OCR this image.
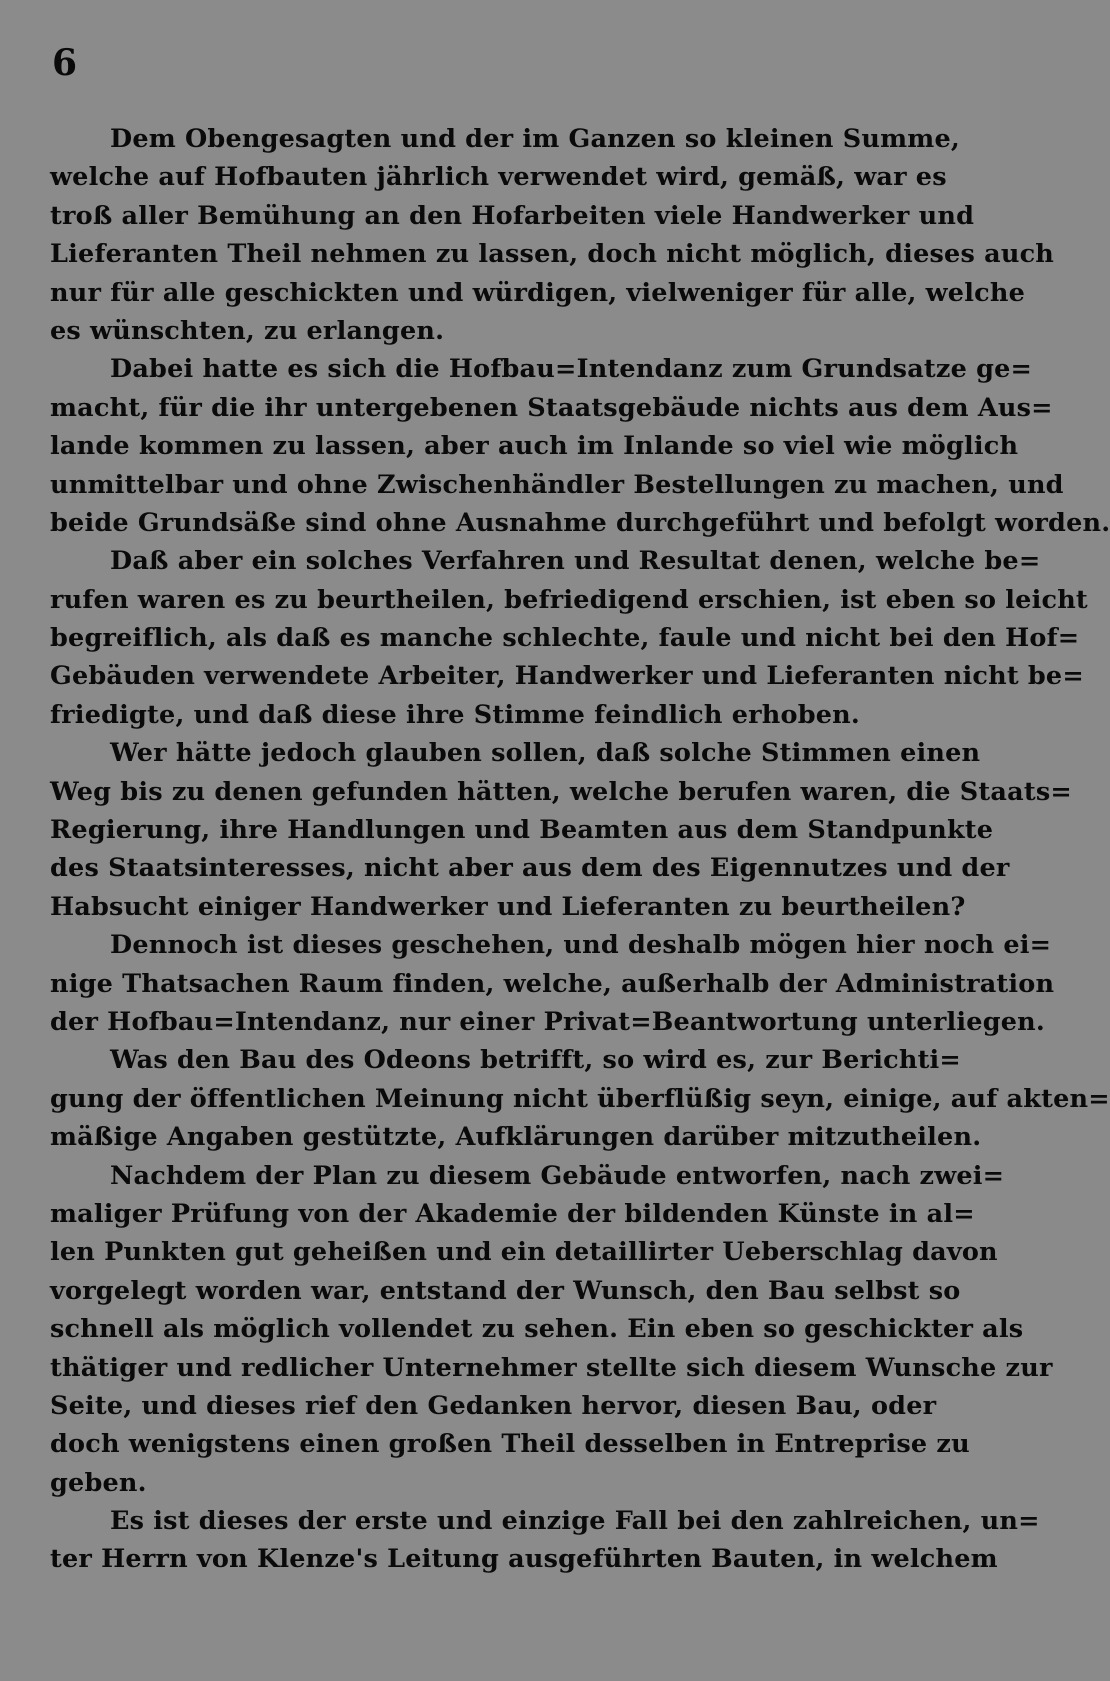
6
Dem Obengesagten und der im Ganzen so kleinen Summe,
welche auf Hofbauten jährlich verwendet wird, gemäß, war es
troß aller Bemühung an den Hofarbeiten viele Handwerker und
Lieferanten Theil nehmen zu lassen, doch nicht möglich, dieses auch
nur für alle geschickten und würdigen, vielweniger für alle, welche
es wünschten, zu erlangen.
Dabei hatte es sich die Hofbau=Intendanz zum Grundsatze ge=
macht, für die ihr untergebenen Staatsgebäude nichts aus dem Aus=
lande kommen zu lassen, aber auch im Inlande so viel wie möglich
unmittelbar und ohne Zwischenhändler Bestellungen zu machen, und
beide Grundsäße sind ohne Ausnahme durchgeführt und befolgt worden.
Daß aber ein solches Verfahren und Resultat denen, welche be=
rufen waren es zu beurtheilen, befriedigend erschien, ist eben so leicht
begreiflich, als daß es manche schlechte, faule und nicht bei den Hof=
Gebäuden verwendete Arbeiter, Handwerker und Lieferanten nicht be=
friedigte, und daß diese ihre Stimme feindlich erhoben.
Wer hätte jedoch glauben sollen, daß solche Stimmen einen
Weg bis zu denen gefunden hätten, welche berufen waren, die Staats=
Regierung, ihre Handlungen und Beamten aus dem Standpunkte
des Staatsinteresses, nicht aber aus dem des Eigennutzes und der
Habsucht einiger Handwerker und Lieferanten zu beurtheilen?
Dennoch ist dieses geschehen, und deshalb mögen hier noch ei=
nige Thatsachen Raum finden, welche, außerhalb der Administration
der Hofbau=Intendanz, nur einer Privat=Beantwortung unterliegen.
Was den Bau des Odeons betrifft, so wird es, zur Berichti=
gung der öffentlichen Meinung nicht überflüßig seyn, einige, auf akten=
mäßige Angaben gestützte, Aufklärungen darüber mitzutheilen.
Nachdem der Plan zu diesem Gebäude entworfen, nach zwei=
maliger Prüfung von der Akademie der bildenden Künste in al=
len Punkten gut geheißen und ein detaillirter Ueberschlag davon
vorgelegt worden war, entstand der Wunsch, den Bau selbst so
schnell als möglich vollendet zu sehen. Ein eben so geschickter als
thätiger und redlicher Unternehmer stellte sich diesem Wunsche zur
Seite, und dieses rief den Gedanken hervor, diesen Bau, oder
doch wenigstens einen großen Theil desselben in Entreprise zu
geben.
Es ist dieses der erste und einzige Fall bei den zahlreichen, un=
ter Herrn von Klenze's Leitung ausgeführten Bauten, in welchem
